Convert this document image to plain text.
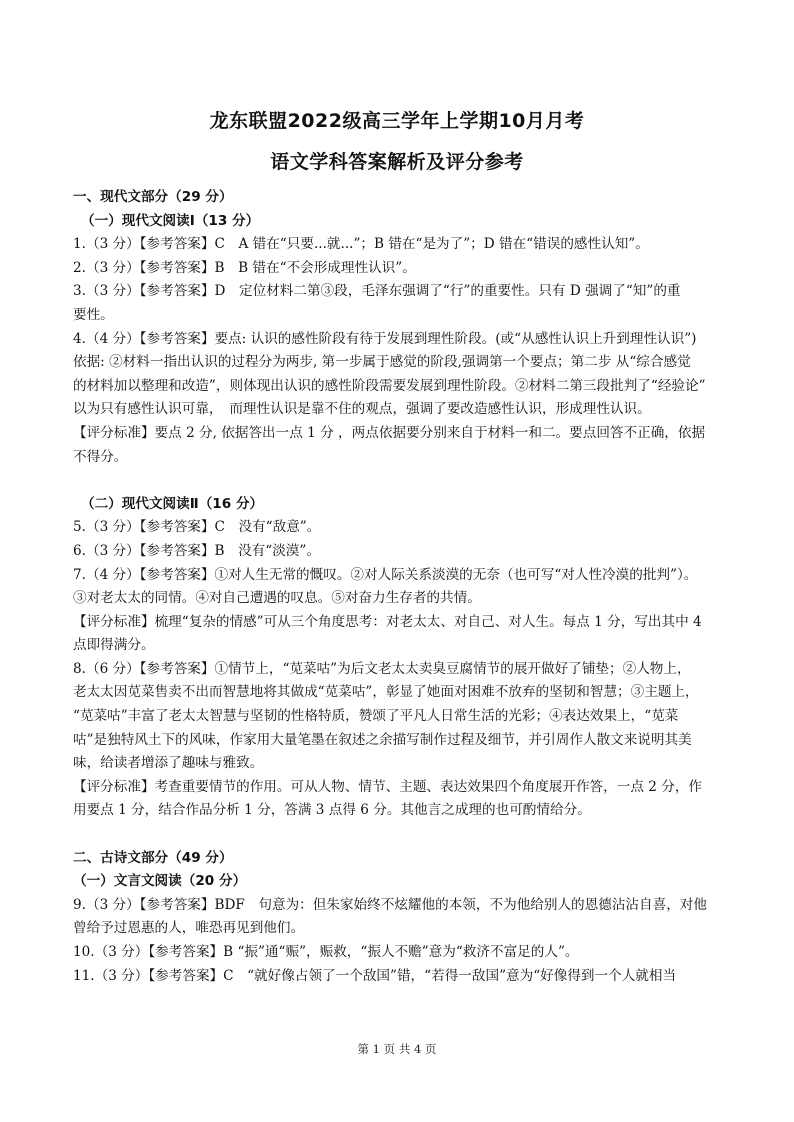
龙东联盟2022级高三学年上学期10月月考
语文学科答案解析及评分参考
一、现代文部分（29 分）
（一）现代文阅读Ⅰ（13 分）
1.（3 分）【参考答案】C　A 错在“只要...就...”；B 错在“是为了”；D 错在“错误的感性认知”。
2.（3 分）【参考答案】B　B 错在“不会形成理性认识”。
3.（3 分）【参考答案】D　定位材料二第③段，毛泽东强调了“行”的重要性。只有 D 强调了“知”的重
要性。
4.（4 分）【参考答案】要点: 认识的感性阶段有待于发展到理性阶段。(或“从感性认识上升到理性认识”)
依据: ②材料一指出认识的过程分为两步, 第一步属于感觉的阶段,强调第一个要点；第二步 从“综合感觉
的材料加以整理和改造”，则体现出认识的感性阶段需要发展到理性阶段。②材料二第三段批判了“经验论”
以为只有感性认识可靠，　而理性认识是靠不住的观点，强调了要改造感性认识，形成理性认识。
【评分标准】要点 2 分, 依据答出一点 1 分 ，两点依据要分别来自于材料一和二。要点回答不正确，依据
不得分。
（二）现代文阅读Ⅱ（16 分）
5.（3 分）【参考答案】C　没有“敌意”。
6.（3 分）【参考答案】B　没有“淡漠”。
7.（4 分）【参考答案】①对人生无常的慨叹。②对人际关系淡漠的无奈（也可写“对人性冷漠的批判”）。
③对老太太的同情。④对自己遭遇的叹息。⑤对奋力生存者的共情。
【评分标准】梳理“复杂的情感”可从三个角度思考：对老太太、对自己、对人生。每点 1 分，写出其中 4
点即得满分。
8.（6 分）【参考答案】①情节上，“苋菜咕”为后文老太太卖臭豆腐情节的展开做好了铺垫；②人物上，
老太太因苋菜售卖不出而智慧地将其做成“苋菜咕”，彰显了她面对困难不放弃的坚韧和智慧；③主题上，
“苋菜咕”丰富了老太太智慧与坚韧的性格特质，赞颂了平凡人日常生活的光彩；④表达效果上，“苋菜
咕”是独特风土下的风味，作家用大量笔墨在叙述之余描写制作过程及细节，并引周作人散文来说明其美
味，给读者增添了趣味与雅致。
【评分标准】考查重要情节的作用。可从人物、情节、主题、表达效果四个角度展开作答，一点 2 分，作
用要点 1 分，结合作品分析 1 分，答满 3 点得 6 分。其他言之成理的也可酌情给分。
二、古诗文部分（49 分）
（一）文言文阅读（20 分）
9.（3 分）【参考答案】BDF　句意为：但朱家始终不炫耀他的本领，不为他给别人的恩德沾沾自喜，对他
曾给予过恩惠的人，唯恐再见到他们。
10.（3 分）【参考答案】B “振”通“赈”，赈救，“振人不赡”意为“救济不富足的人”。
11.（3 分）【参考答案】C　“就好像占领了一个敌国”错，“若得一敌国”意为“好像得到一个人就相当
第 1 页 共 4 页
